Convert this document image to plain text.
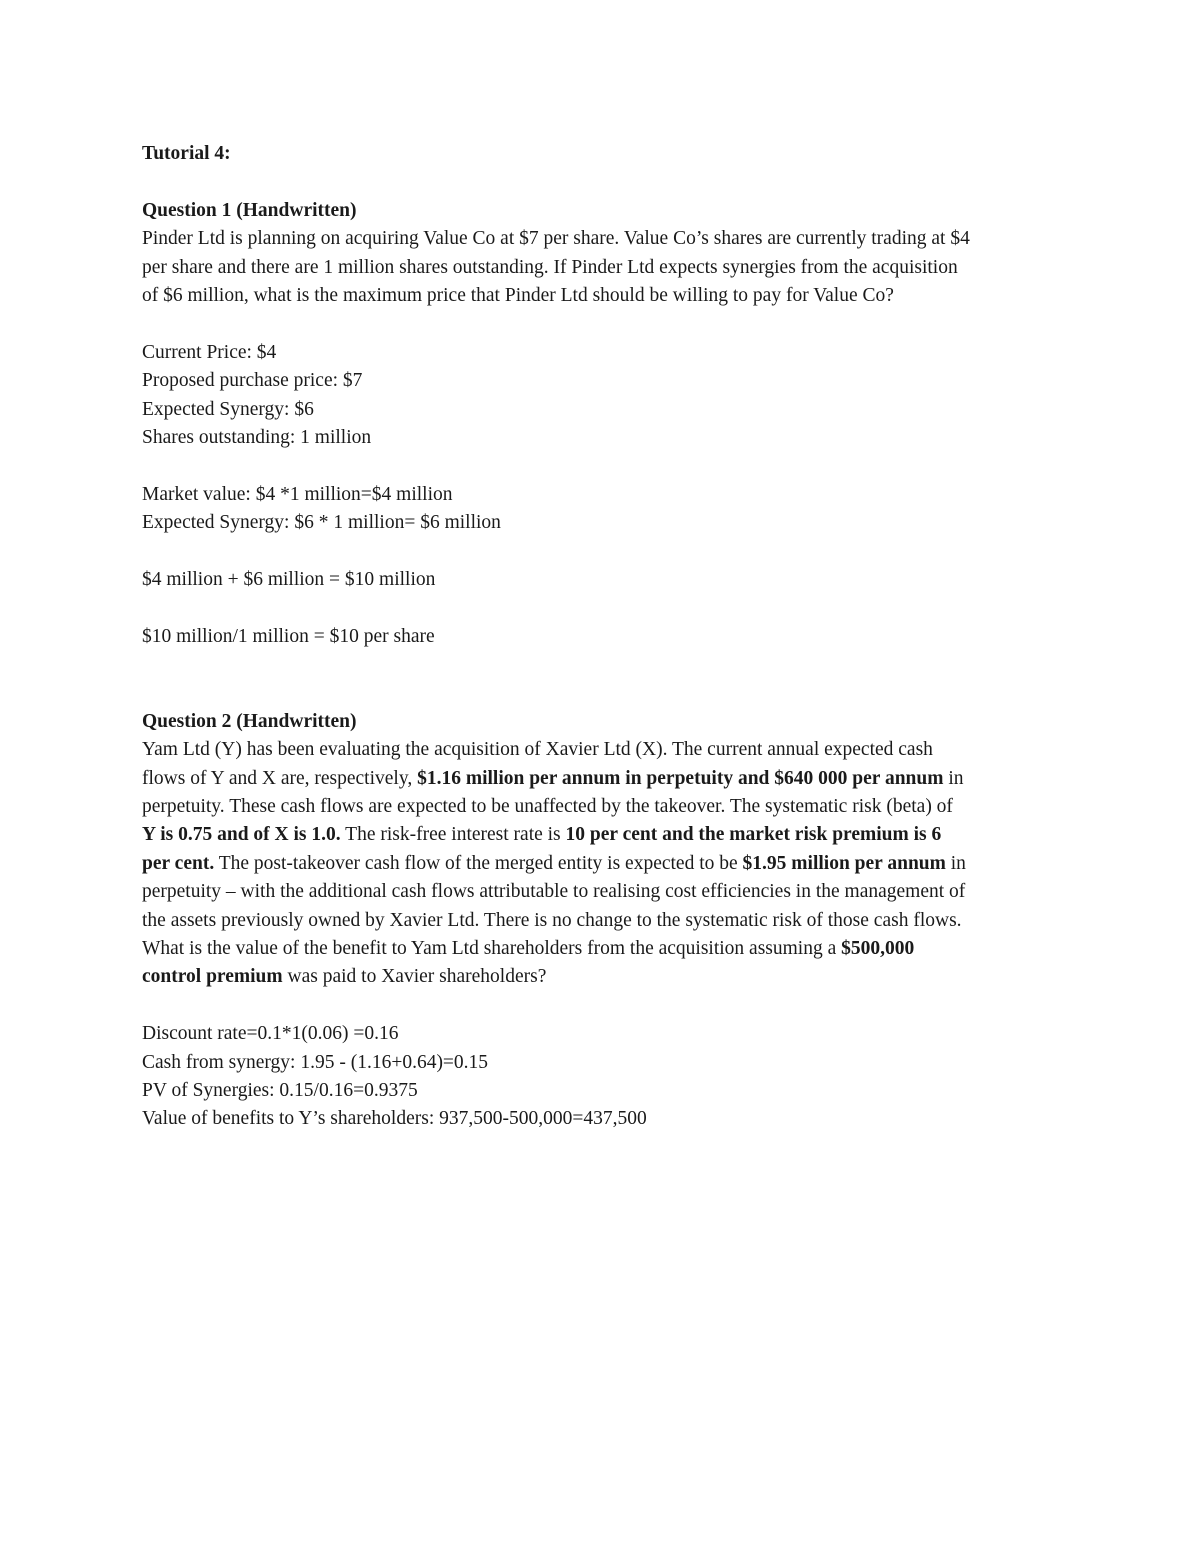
Tutorial 4:
Question 1 (Handwritten)
Pinder Ltd is planning on acquiring Value Co at $7 per share. Value Co’s shares are currently trading at $4
per share and there are 1 million shares outstanding. If Pinder Ltd expects synergies from the acquisition
of $6 million, what is the maximum price that Pinder Ltd should be willing to pay for Value Co?
Current Price: $4
Proposed purchase price: $7
Expected Synergy: $6
Shares outstanding: 1 million
Market value: $4 *1 million=$4 million
Expected Synergy: $6 * 1 million= $6 million
$4 million + $6 million = $10 million
$10 million/1 million = $10 per share
Question 2 (Handwritten)
Yam Ltd (Y) has been evaluating the acquisition of Xavier Ltd (X). The current annual expected cash
flows of Y and X are, respectively, $1.16 million per annum in perpetuity and $640 000 per annum in
perpetuity. These cash flows are expected to be unaffected by the takeover. The systematic risk (beta) of
Y is 0.75 and of X is 1.0. The risk-free interest rate is 10 per cent and the market risk premium is 6
per cent. The post-takeover cash flow of the merged entity is expected to be $1.95 million per annum in
perpetuity – with the additional cash flows attributable to realising cost efficiencies in the management of
the assets previously owned by Xavier Ltd. There is no change to the systematic risk of those cash flows.
What is the value of the benefit to Yam Ltd shareholders from the acquisition assuming a $500,000
control premium was paid to Xavier shareholders?
Discount rate=0.1*1(0.06) =0.16
Cash from synergy: 1.95 - (1.16+0.64)=0.15
PV of Synergies: 0.15/0.16=0.9375
Value of benefits to Y’s shareholders: 937,500-500,000=437,500
